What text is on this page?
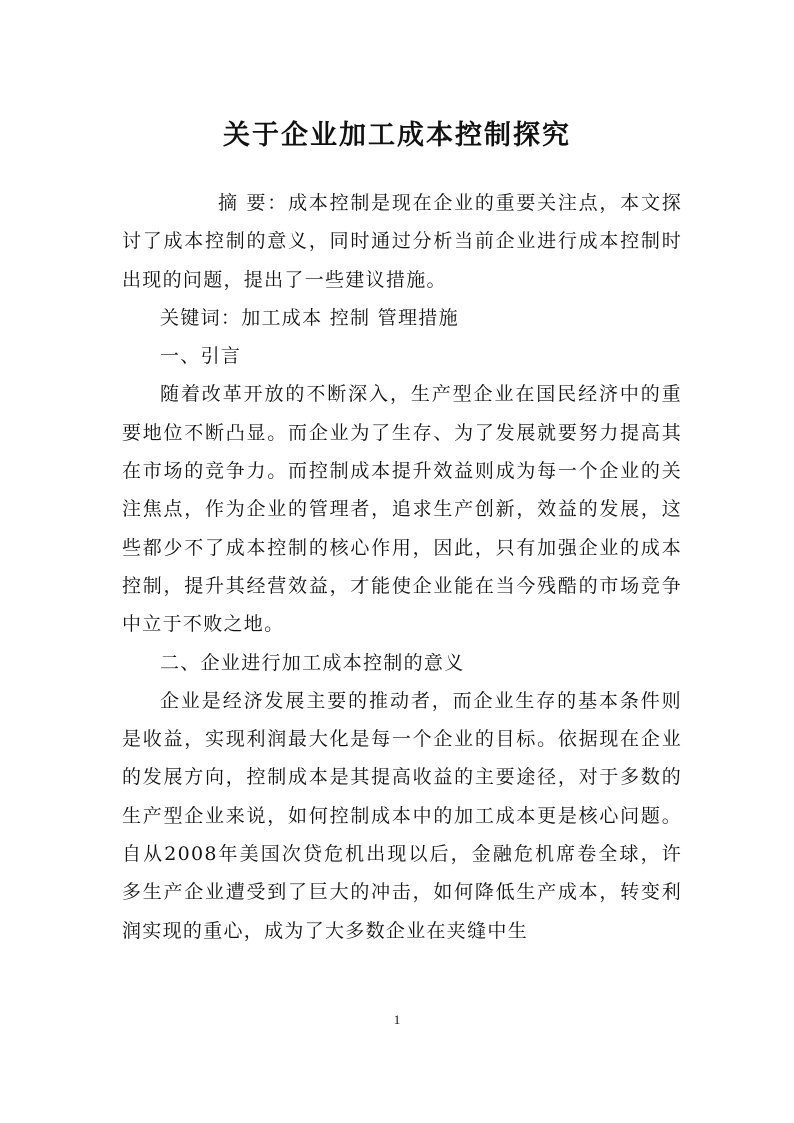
关于企业加工成本控制探究

摘 要：成本控制是现在企业的重要关注点，本文探讨了成本控制的意义，同时通过分析当前企业进行成本控制时出现的问题，提出了一些建议措施。

关键词：加工成本 控制 管理措施

一、引言

随着改革开放的不断深入，生产型企业在国民经济中的重要地位不断凸显。而企业为了生存、为了发展就要努力提高其在市场的竞争力。而控制成本提升效益则成为每一个企业的关注焦点，作为企业的管理者，追求生产创新，效益的发展，这些都少不了成本控制的核心作用，因此，只有加强企业的成本控制，提升其经营效益，才能使企业能在当今残酷的市场竞争中立于不败之地。

二、企业进行加工成本控制的意义

企业是经济发展主要的推动者，而企业生存的基本条件则是收益，实现利润最大化是每一个企业的目标。依据现在企业的发展方向，控制成本是其提高收益的主要途径，对于多数的生产型企业来说，如何控制成本中的加工成本更是核心问题。自从2008年美国次贷危机出现以后，金融危机席卷全球，许多生产企业遭受到了巨大的冲击，如何降低生产成本，转变利润实现的重心，成为了大多数企业在夹缝中生

1
